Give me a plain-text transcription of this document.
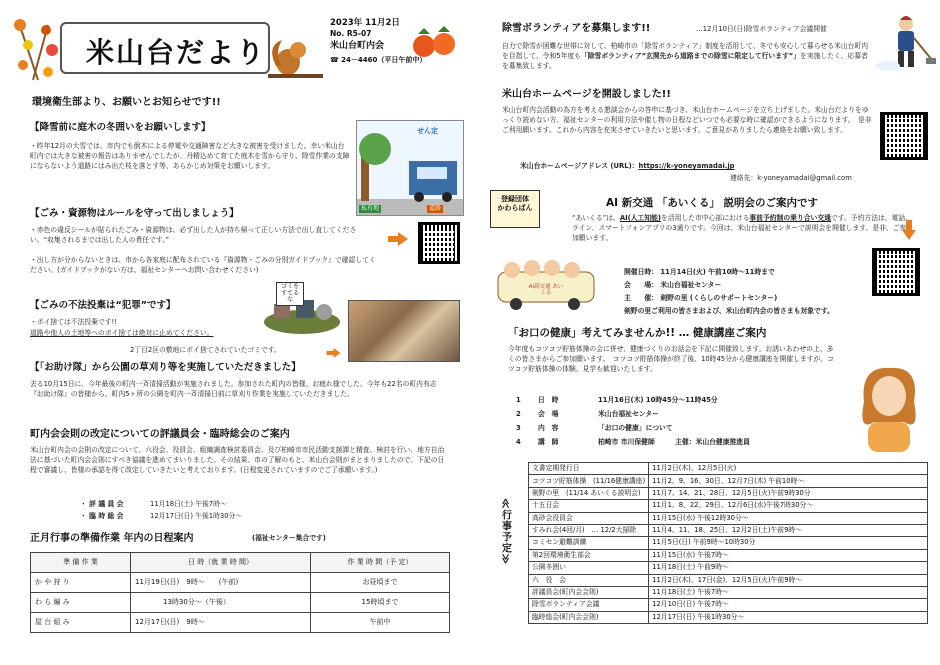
米山台だより
2023年 11月2日
No. R5-07
米山台町内会
☎ 24－4460（平日午前中）
環境衛生部より、お願いとお知らせです!!
【降雪前に庭木の冬囲いをお願いします】
・昨年12月の大雪では、市内でも倒木による停電や交通障害など大きな被害を受けました。幸い米山台町内では大きな被害の報告はありませんでしたが、丹精込めて育てた庭木を雪から守り、除雪作業の支障にならないよう道路にはみ出た枝を落とす等、あらかじめ対策をお願いします。
せん定
私有地	道路
【ごみ・資源物はルールを守って出しましょう】
・赤色の違反シールが貼られたごみ・資源物は、必ず出した人が持ち帰って正しい方法で出し直してください。“収集されるまでは出した人の責任です。”
・出し方が分からないときは、市から各家庭に配布されている『資源物・ごみの分別ガイドブック』で確認してください。(ガイドブックがない方は、福祉センターへお問い合わせください)
【ごみの不法投棄は“犯罪”です】
・ポイ捨ては不法投棄です!!
道路や他人の土地等へのポイ捨ては絶対に止めてください。
ゴミをすてるな
2丁目2区の敷地にポイ捨てされていたゴミです。
【「お助け隊」から公園の草刈り等を実施していただきました】
去る10月15日に、今年最後の町内一斉清掃活動が実施されました。参加された町内の皆様、お疲れ様でした。今年も22名の町内有志『お助け隊』の皆様から、町内5ヶ所の公園を町内一斉清掃日前に草刈り作業を実施していただきました。
町内会会則の改定についての評議員会・臨時総会のご案内
米山台町内会の会則の改定について、六役会、役員会、組織調査検討委員会、及び柏崎市市民活動支援課と精査、検討を行い、地方自治法に基づいた町内会会則にすべき協議を進めてまいりました。その結果、市の了解のもと、米山台会則がまとまりましたので、下記の日程で審議し、皆様の承認を得て改定していきたいと考えております。(日程変更されていますのでご了承願います。)
・ 評 議 員 会	11月18日(土) 午後7時～
・ 臨 時 総 会	12月17日(日) 午後1時30分～
正月行事の準備作業 年内の日程案内	(福祉センター集合です)
準 備 作 業	日 時（就 業 時 間）	作 業 時 間（予 定）
か や 狩 り	11月19日(日)　9時～　　(午前)	お昼頃まで
わ ら 編 み	　　　　13時30分～（午後）	15時頃まで
屋 台 組 み	12月17日(日)　9時～	午前中
除雪ボランティアを募集します!!	…12月10日(日)除雪ボランティア会議開催
自力で除雪が困難な世帯に対して、柏崎市の「除雪ボランティア」制度を活用して、冬でも安心して暮らせる米山台町内を目指して、令和5年度も「除雪ボランティア“玄関先から道路までの除雪に限定して行います”」を実施したく、応募者を募集致します。
米山台ホームページを開設しました!!
米山台町内会活動の為方を考える懇談会からの答申に基づき、米山台ホームページを立ち上げました。米山台だよりをゆっくり読めない方、福祉センターの利用方法や催し物の日程などいつでも必要な時に確認ができるようになります。　是非ご利用願います。これから内容を充実させていきたいと思います。ご意見がありましたら連絡をお願い致します。
米山台ホームページアドレス (URL)：https://k-yoneyamadai.jp
連絡先：k-yoneyamadai@gmail.com
登録団体
かわらばん	AI 新交通 「あいくる」 説明会のご案内です
“あいくる”は、AI(人工知能)を活用した市中心部における事前予約制の乗り合い交通です。予約方法は、電話、ライン、スマートフォンアプリの3通りです。今回は、米山台福祉センターで説明会を開催します。是非、ご参加願います。
AI新交通 あいくる
開催日時： 11月14日(火) 午前10時～11時まで
会　　場： 米山台福祉センター
主　　催： 剣野の里 (くらしのサポートセンター)
剣野の里ご利用の皆さまおよび、米山台町内会の皆さまも対象です。
「お口の健康」考えてみませんか!! … 健康講座ご案内
今年度もコツコツ貯筋体操の会に併せ、健康づくりのお話会を下記に開催致します。お誘いあわせの上、多くの皆さまからご参加願います。　コツコツ貯筋体操が終了後、10時45分から健康講座を開催しますが、コツコツ貯筋体操の体験、見学も歓迎いたします。
1	日　時	11月16日(木) 10時45分～11時45分
2	会　場	米山台福祉センター
3	内　容	「お口の健康」について
4	講　師	柏崎市 市川保健師　　　主催：米山台健康推進員
≪行事予定≫
文書定期発行日	11月2日(木)、12月5日(火)
コツコツ貯筋体操　(11/16健康講座)	11月2、9、16、30日、12月7日(木) 午前10時～
剣野の里　(11/14 あいくる説明会)	11月7、14、21、28日、12月5日(火)午前9時30分
十五日会	11月1、8、22、29日、12月6日(水)午後7時30分～
高砂会役員会	11月15日(水) 午後12時30分～
すみれ会(4回/月)　… 12/2大掃除	11月4、11、18、25日、12月2日(土)午前9時～
コミセン避難訓練	11月5日(日) 午前9時～10時30分
第2回環境衛生部会	11月15日(水) 午後7時～
公園冬囲い	11月18日(土) 午前9時～
六　役　会	11月2日(木)、17日(金)、12月5日(火)午前9時～
評議員会(町内会会則)	11月18日(土) 午後7時～
除雪ボランティア会議	12月10日(日) 午後7時～
臨時総会(町内会会則)	12月17日(日) 午後1時30分～
